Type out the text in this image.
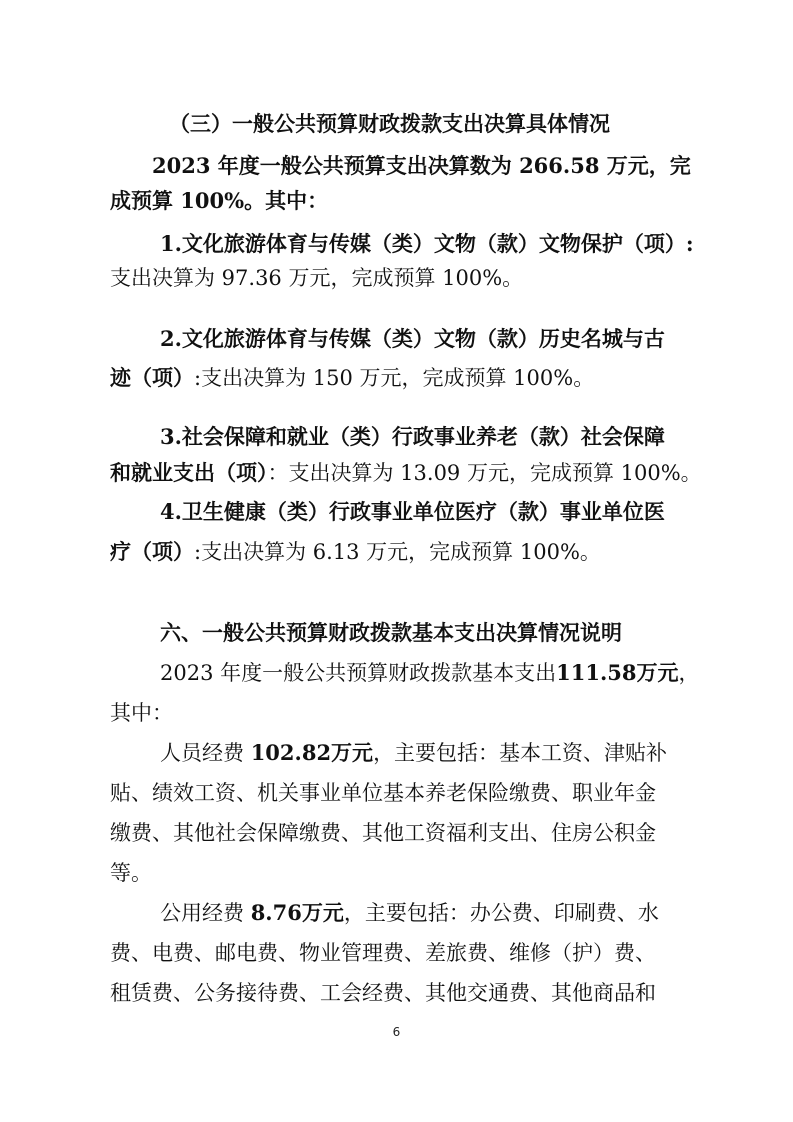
（三）一般公共预算财政拨款支出决算具体情况
2023 年度一般公共预算支出决算数为 266.58 万元，完
成预算 100%。其中：
1.文化旅游体育与传媒（类）文物（款）文物保护（项）:
支出决算为 97.36 万元，完成预算 100%。
2.文化旅游体育与传媒（类）文物（款）历史名城与古
迹（项）:支出决算为 150 万元，完成预算 100%。
3.社会保障和就业（类）行政事业养老（款）社会保障
和就业支出（项）：支出决算为 13.09 万元，完成预算 100%。
4.卫生健康（类）行政事业单位医疗（款）事业单位医
疗（项）:支出决算为 6.13 万元，完成预算 100%。
六、一般公共预算财政拨款基本支出决算情况说明
2023 年度一般公共预算财政拨款基本支出111.58万元，
其中：
人员经费 102.82万元，主要包括：基本工资、津贴补
贴、绩效工资、机关事业单位基本养老保险缴费、职业年金
缴费、其他社会保障缴费、其他工资福利支出、住房公积金
等。
公用经费 8.76万元，主要包括：办公费、印刷费、水
费、电费、邮电费、物业管理费、差旅费、维修（护）费、
租赁费、公务接待费、工会经费、其他交通费、其他商品和
6
